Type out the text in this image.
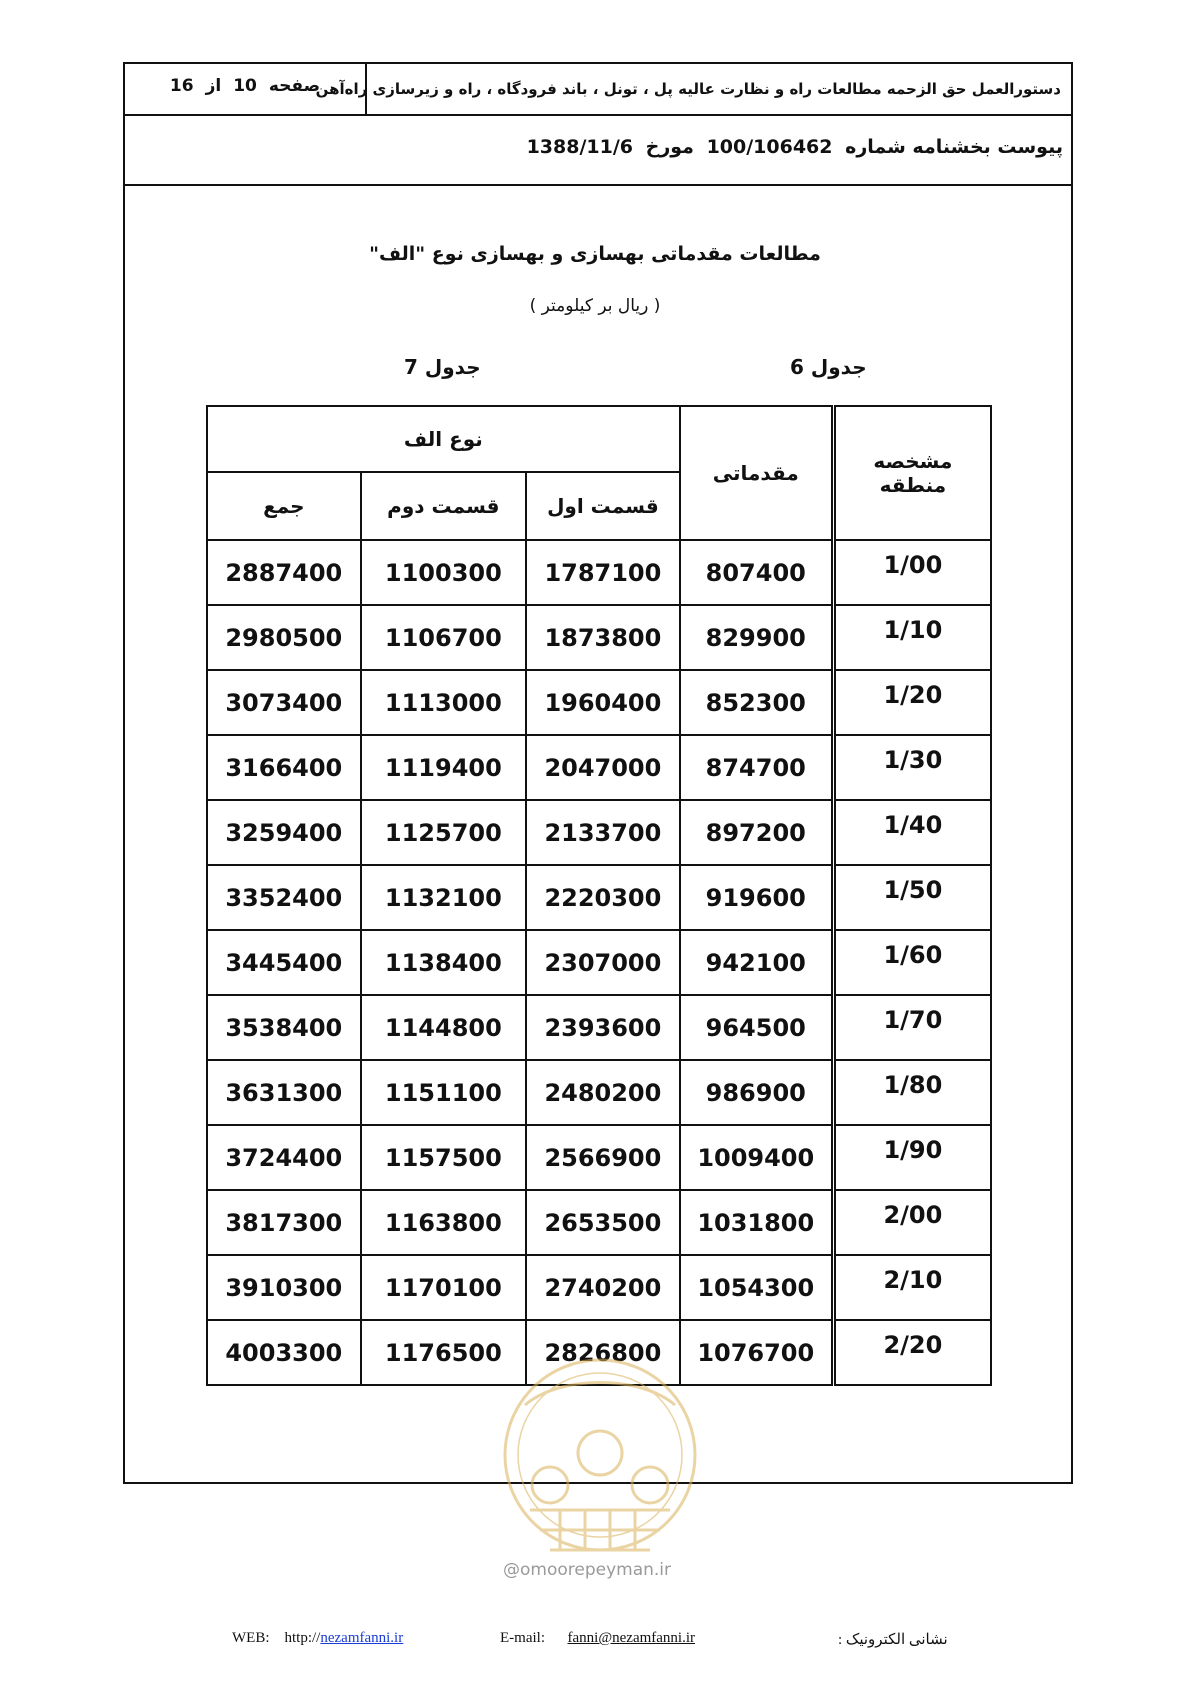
صفحه10از16	دستورالعمل حق الزحمه مطالعات راه و نظارت عالیه پل ، تونل ، باند فرودگاه ، راه و زیرسازی راه‌آهن
پیوست بخشنامه شماره 100/106462 مورخ 1388/11/6
مطالعات مقدماتی بهسازی و بهسازی نوع "الف"
( ریال بر کیلومتر )
جدول 6
جدول 7
نوع الف			مقدماتی	مشخصه منطقه
جمع	قسمت دوم	قسمت اول		
2887400	1100300	1787100	807400	1/00
2980500	1106700	1873800	829900	1/10
3073400	1113000	1960400	852300	1/20
3166400	1119400	2047000	874700	1/30
3259400	1125700	2133700	897200	1/40
3352400	1132100	2220300	919600	1/50
3445400	1138400	2307000	942100	1/60
3538400	1144800	2393600	964500	1/70
3631300	1151100	2480200	986900	1/80
3724400	1157500	2566900	1009400	1/90
3817300	1163800	2653500	1031800	2/00
3910300	1170100	2740200	1054300	2/10
4003300	1176500	2826800	1076700	2/20
@omoorepeyman.ir
WEB: http://nezamfanni.ir	E-mail: fanni@nezamfanni.ir	نشانی الکترونیک :
